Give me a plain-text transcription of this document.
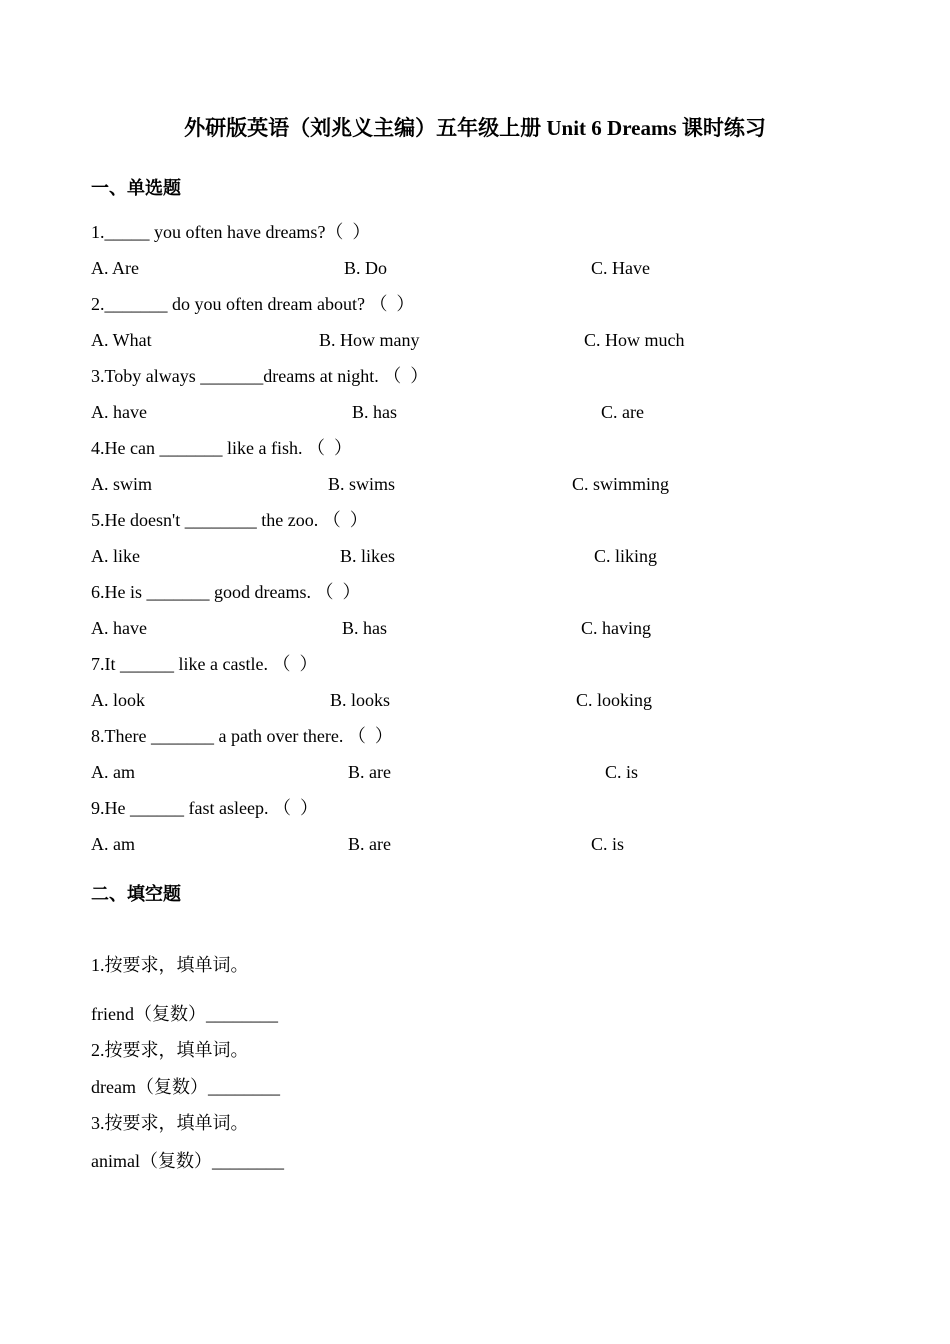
外研版英语（刘兆义主编）五年级上册 Unit 6 Dreams 课时练习
一、单选题

1._____ you often have dreams?（  ）

A. Are	B. Do	C. Have

2._______ do you often dream about? （  ）

A. What	B. How many	C. How much

3.Toby always _______dreams at night. （  ）

A. have	B. has	C. are

4.He can _______ like a fish. （  ）

A. swim	B. swims	C. swimming

5.He doesn't ________ the zoo. （  ）

A. like	B. likes	C. liking

6.He is _______ good dreams. （  ）

A. have	B. has	C. having

7.It ______ like a castle. （  ）

A. look	B. looks	C. looking

8.There _______ a path over there. （  ）

A. am	B. are	C. is

9.He ______ fast asleep. （  ）

A. am	B. are	C. is
二、填空题

1.按要求，填单词。

friend（复数）________

2.按要求，填单词。

dream（复数）________

3.按要求，填单词。

animal（复数）________
